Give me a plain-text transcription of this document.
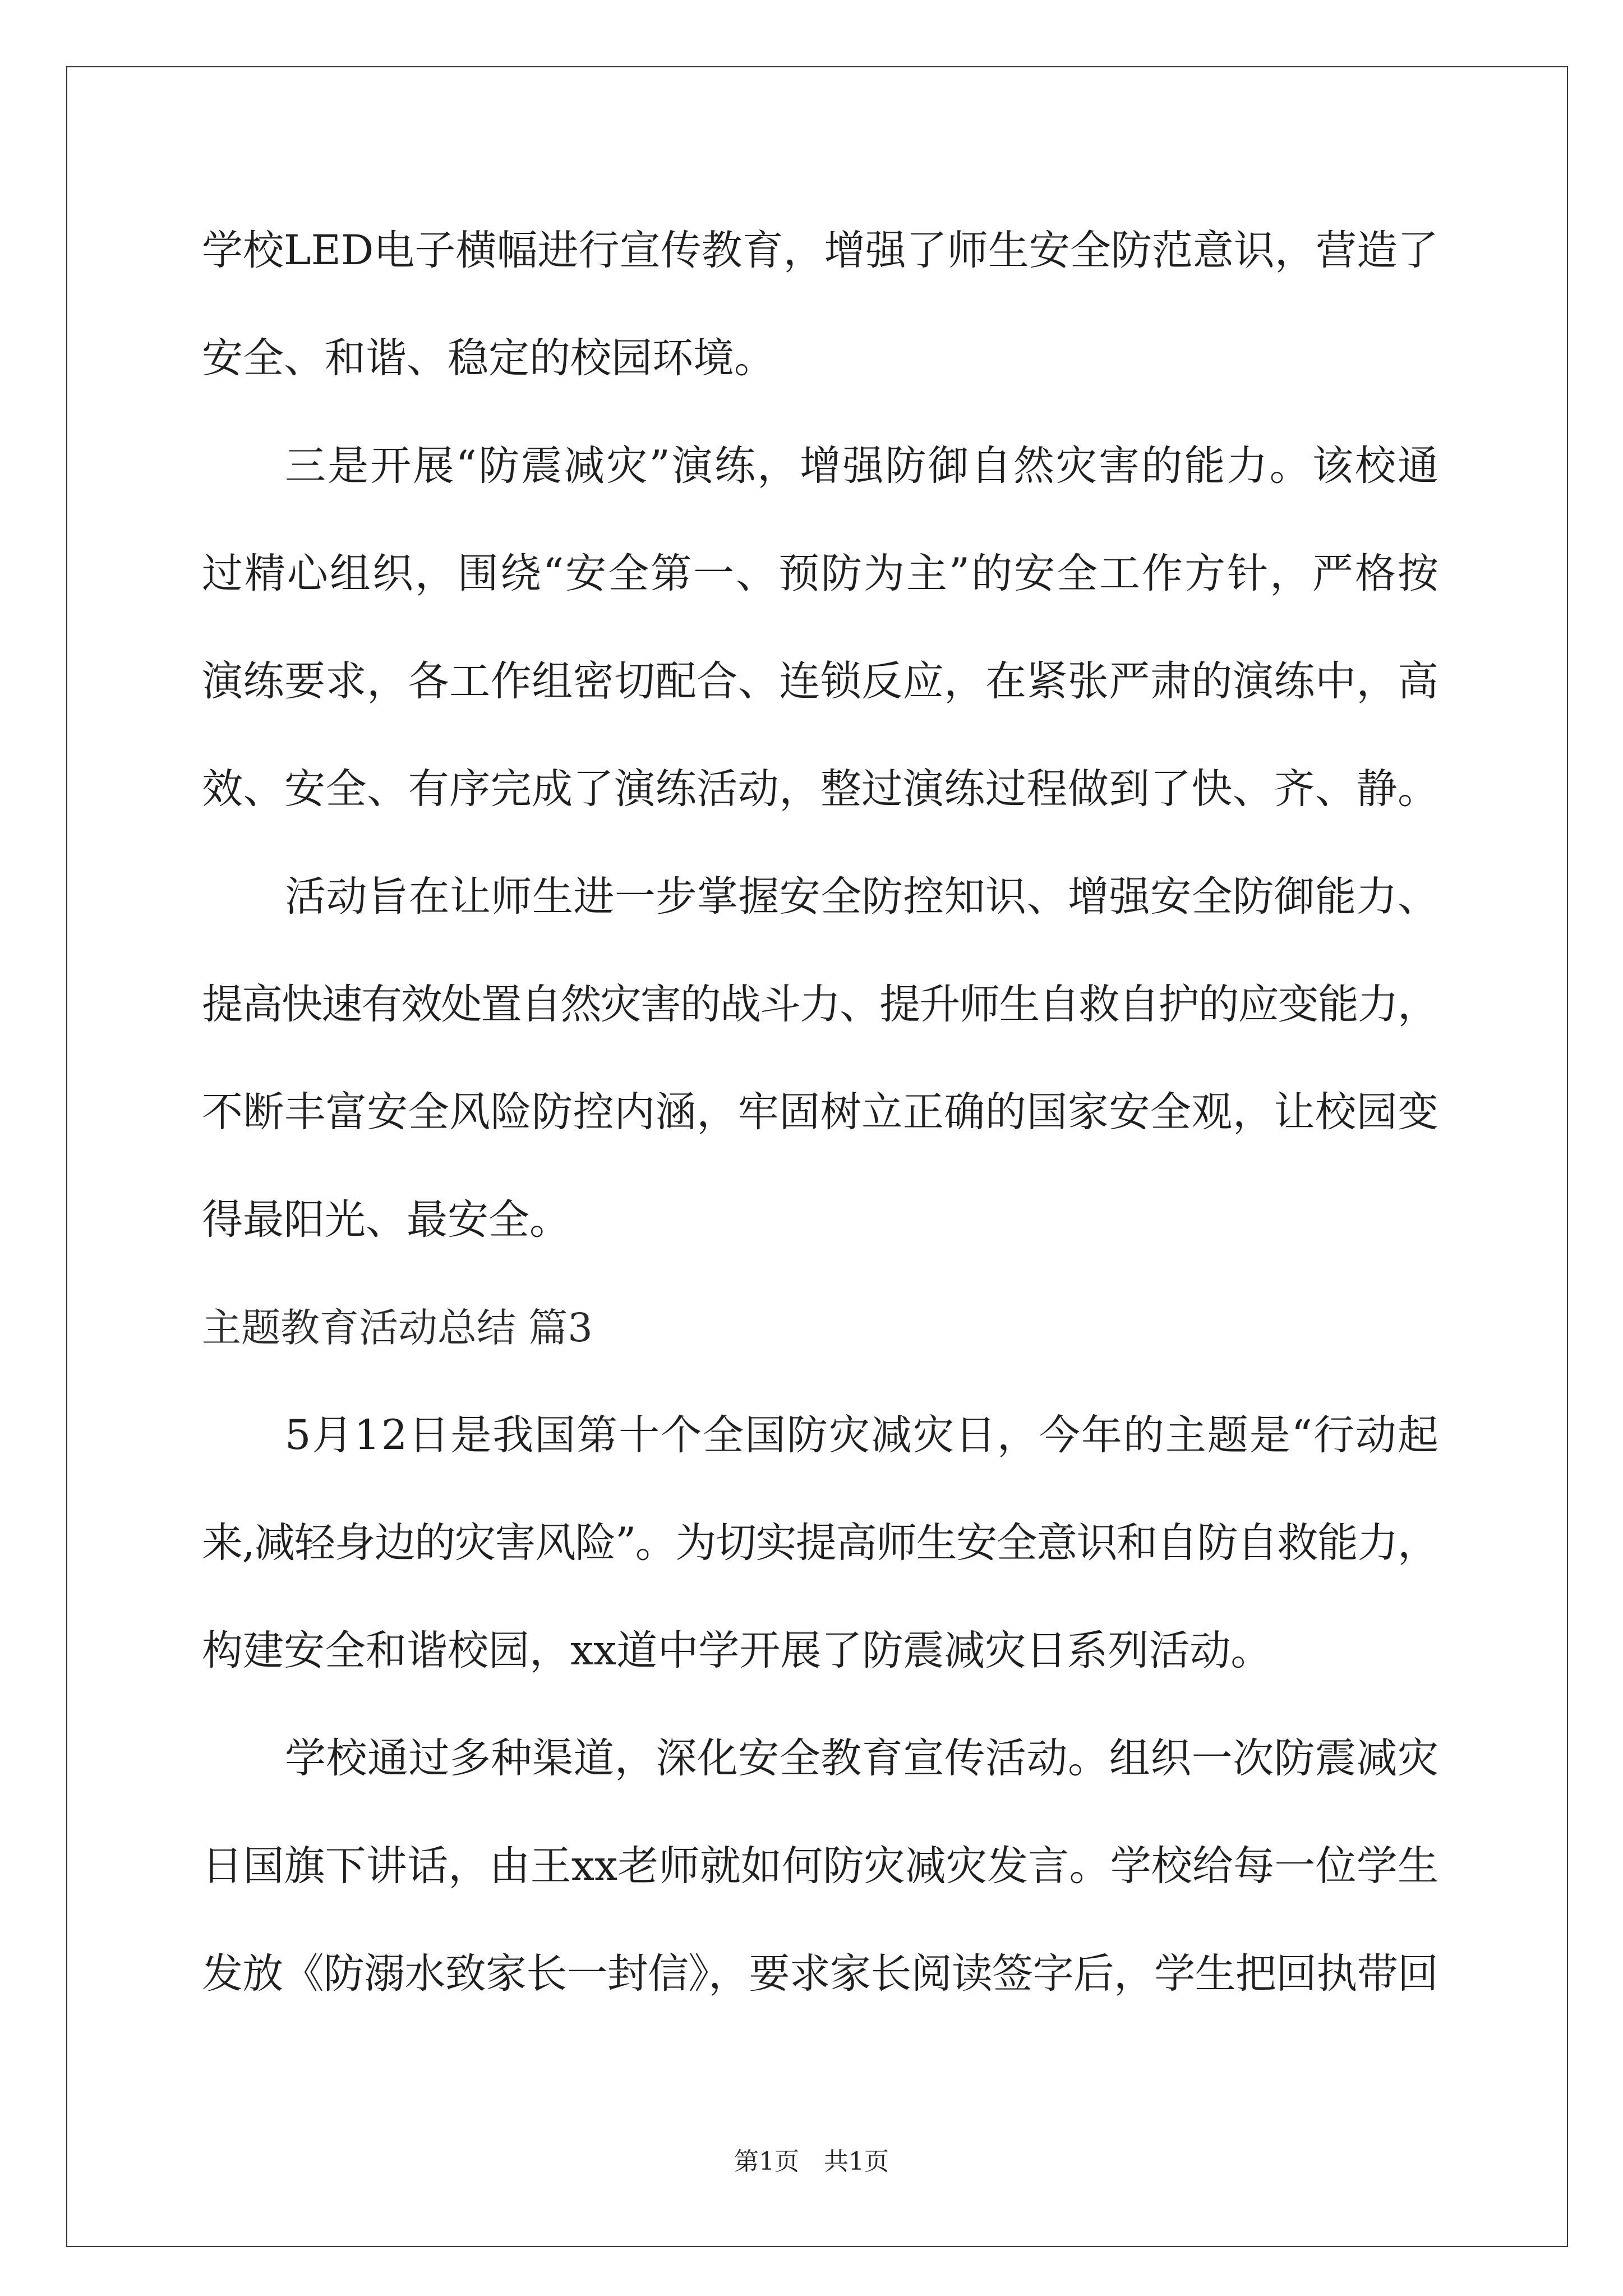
学校LED电子横幅进行宣传教育，增强了师生安全防范意识，营造了
安全、和谐、稳定的校园环境。
三是开展“防震减灾”演练，增强防御自然灾害的能力。该校通
过精心组织，围绕“安全第一、预防为主”的安全工作方针，严格按
演练要求，各工作组密切配合、连锁反应，在紧张严肃的演练中，高
效、安全、有序完成了演练活动，整过演练过程做到了快、齐、静。
活动旨在让师生进一步掌握安全防控知识、增强安全防御能力、
提高快速有效处置自然灾害的战斗力、提升师生自救自护的应变能力，
不断丰富安全风险防控内涵，牢固树立正确的国家安全观，让校园变
得最阳光、最安全。
主题教育活动总结 篇3
5月12日是我国第十个全国防灾减灾日，今年的主题是“行动起
来,减轻身边的灾害风险”。为切实提高师生安全意识和自防自救能力，
构建安全和谐校园，xx道中学开展了防震减灾日系列活动。
学校通过多种渠道，深化安全教育宣传活动。组织一次防震减灾
日国旗下讲话，由王xx老师就如何防灾减灾发言。学校给每一位学生
发放《防溺水致家长一封信》，要求家长阅读签字后，学生把回执带回
第1页 共1页
